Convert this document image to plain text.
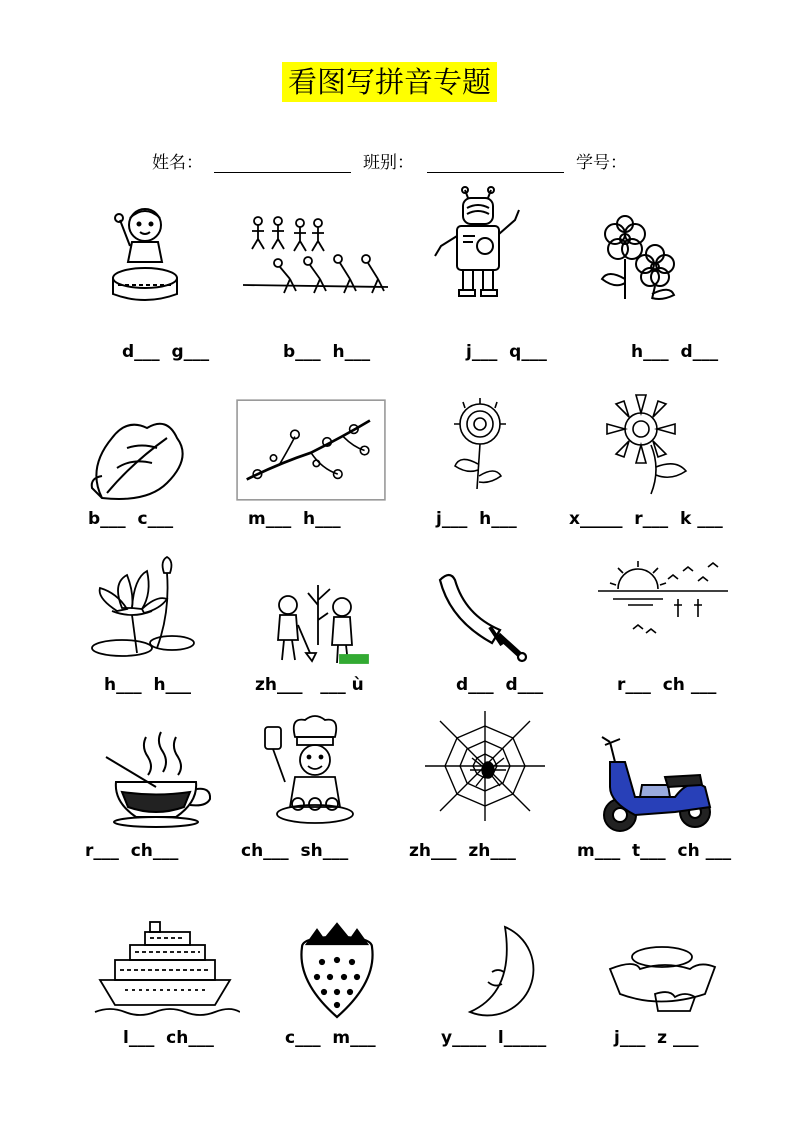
看图写拼音专题
姓名：	班别：	学号：
d___  g___	b___  h___	j___  q___	h___  d___
b___  c___	m___  h___	j___  h___	x_____  r___  k ___
h___  h___	zh___   ___ ù	d___  d___	r___  ch ___
r___  ch___	ch___  sh___	zh___  zh___	m___  t___  ch ___
l___  ch___	c___  m___	y____  l_____	j___  z ___
